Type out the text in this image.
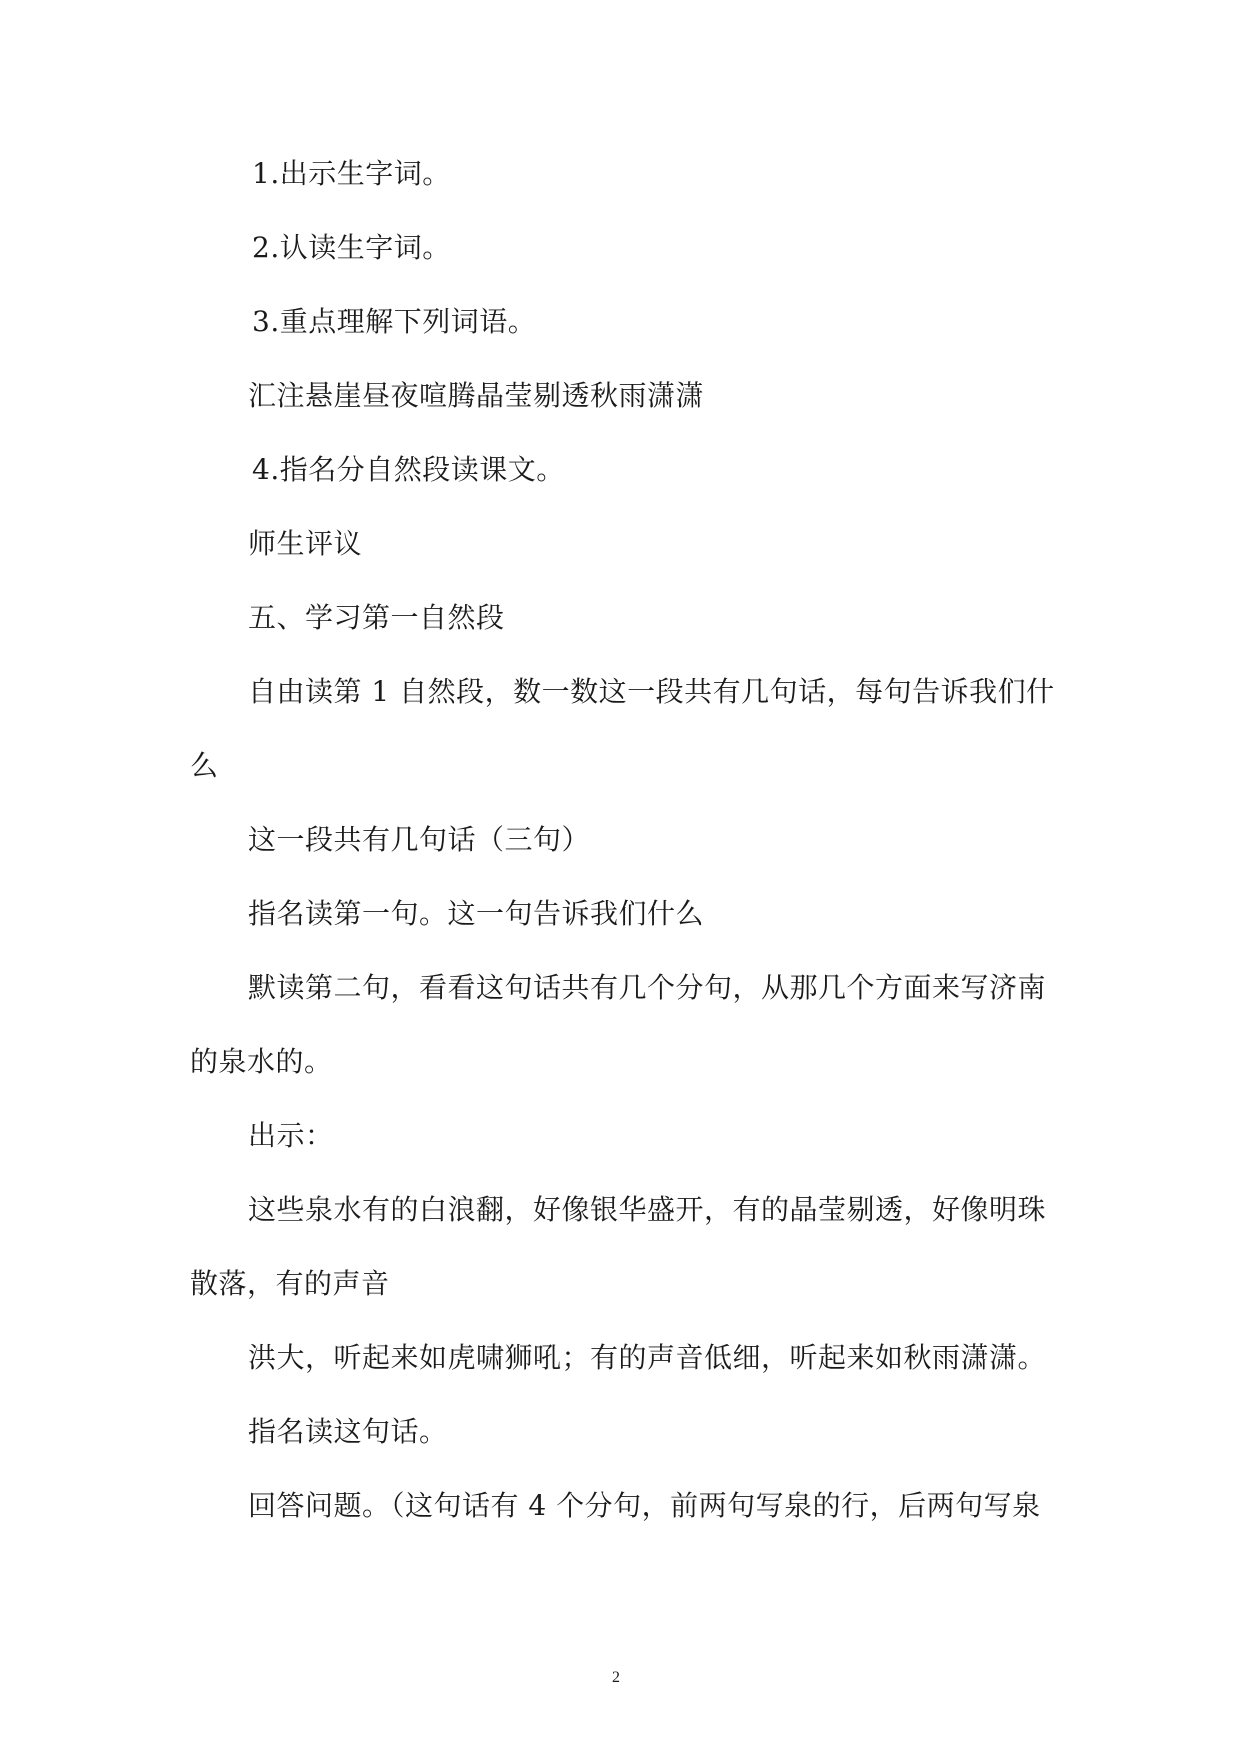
1.出示生字词。
2.认读生字词。
3.重点理解下列词语。
汇注悬崖昼夜喧腾晶莹剔透秋雨潇潇
4.指名分自然段读课文。
师生评议
五、学习第一自然段
自由读第 1 自然段，数一数这一段共有几句话，每句告诉我们什
么
这一段共有几句话（三句）
指名读第一句。这一句告诉我们什么
默读第二句，看看这句话共有几个分句，从那几个方面来写济南
的泉水的。
出示：
这些泉水有的白浪翻，好像银华盛开，有的晶莹剔透，好像明珠
散落，有的声音
洪大，听起来如虎啸狮吼；有的声音低细，听起来如秋雨潇潇。
指名读这句话。
回答问题。（这句话有 4 个分句，前两句写泉的行，后两句写泉
2
